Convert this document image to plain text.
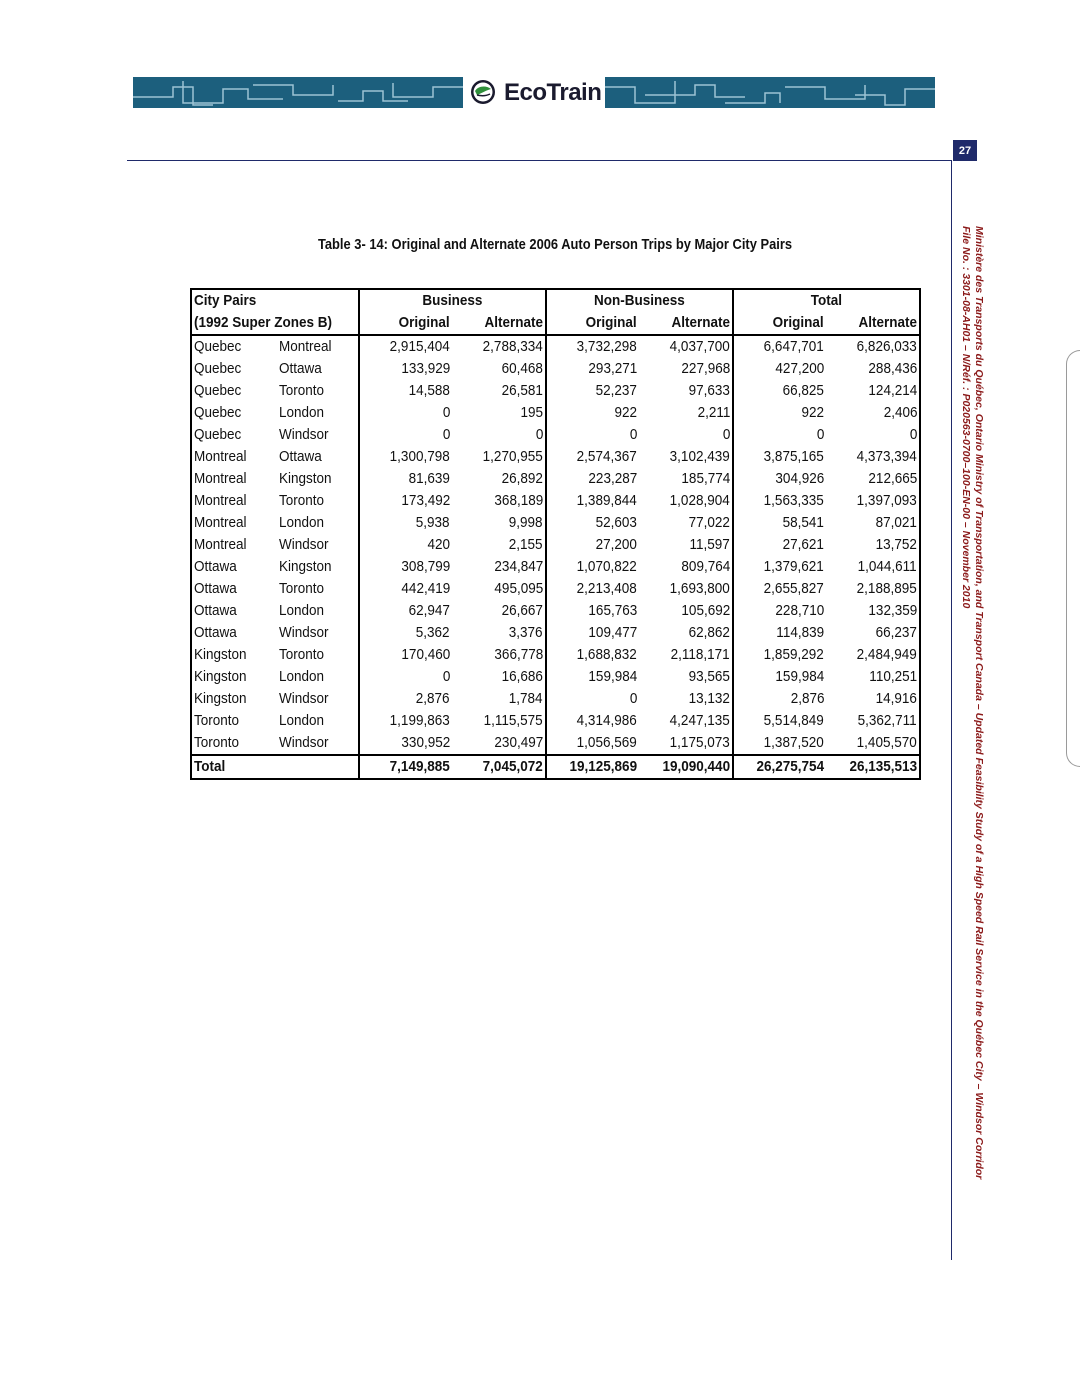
EcoTrain
27
Ministère des Transports du Québec, Ontario Ministry of Transportation, and Transport Canada – Updated Feasibility Study of a High Speed Rail Service in the Québec City – Windsor Corridor
File No. : 3301-08-AH01 – N/Réf. : P020563-0700–100-EN-00 – November 2010
Table 3- 14: Original and Alternate 2006 Auto Person Trips by Major City Pairs
City Pairs		Business		Non-Business		Total	
(1992 Super Zones B)		Original	Alternate	Original	Alternate	Original	Alternate
Quebec	Montreal	2,915,404	2,788,334	3,732,298	4,037,700	6,647,701	6,826,033
Quebec	Ottawa	133,929	60,468	293,271	227,968	427,200	288,436
Quebec	Toronto	14,588	26,581	52,237	97,633	66,825	124,214
Quebec	London	0	195	922	2,211	922	2,406
Quebec	Windsor	0	0	0	0	0	0
Montreal	Ottawa	1,300,798	1,270,955	2,574,367	3,102,439	3,875,165	4,373,394
Montreal	Kingston	81,639	26,892	223,287	185,774	304,926	212,665
Montreal	Toronto	173,492	368,189	1,389,844	1,028,904	1,563,335	1,397,093
Montreal	London	5,938	9,998	52,603	77,022	58,541	87,021
Montreal	Windsor	420	2,155	27,200	11,597	27,621	13,752
Ottawa	Kingston	308,799	234,847	1,070,822	809,764	1,379,621	1,044,611
Ottawa	Toronto	442,419	495,095	2,213,408	1,693,800	2,655,827	2,188,895
Ottawa	London	62,947	26,667	165,763	105,692	228,710	132,359
Ottawa	Windsor	5,362	3,376	109,477	62,862	114,839	66,237
Kingston	Toronto	170,460	366,778	1,688,832	2,118,171	1,859,292	2,484,949
Kingston	London	0	16,686	159,984	93,565	159,984	110,251
Kingston	Windsor	2,876	1,784	0	13,132	2,876	14,916
Toronto	London	1,199,863	1,115,575	4,314,986	4,247,135	5,514,849	5,362,711
Toronto	Windsor	330,952	230,497	1,056,569	1,175,073	1,387,520	1,405,570
Total		7,149,885	7,045,072	19,125,869	19,090,440	26,275,754	26,135,513
